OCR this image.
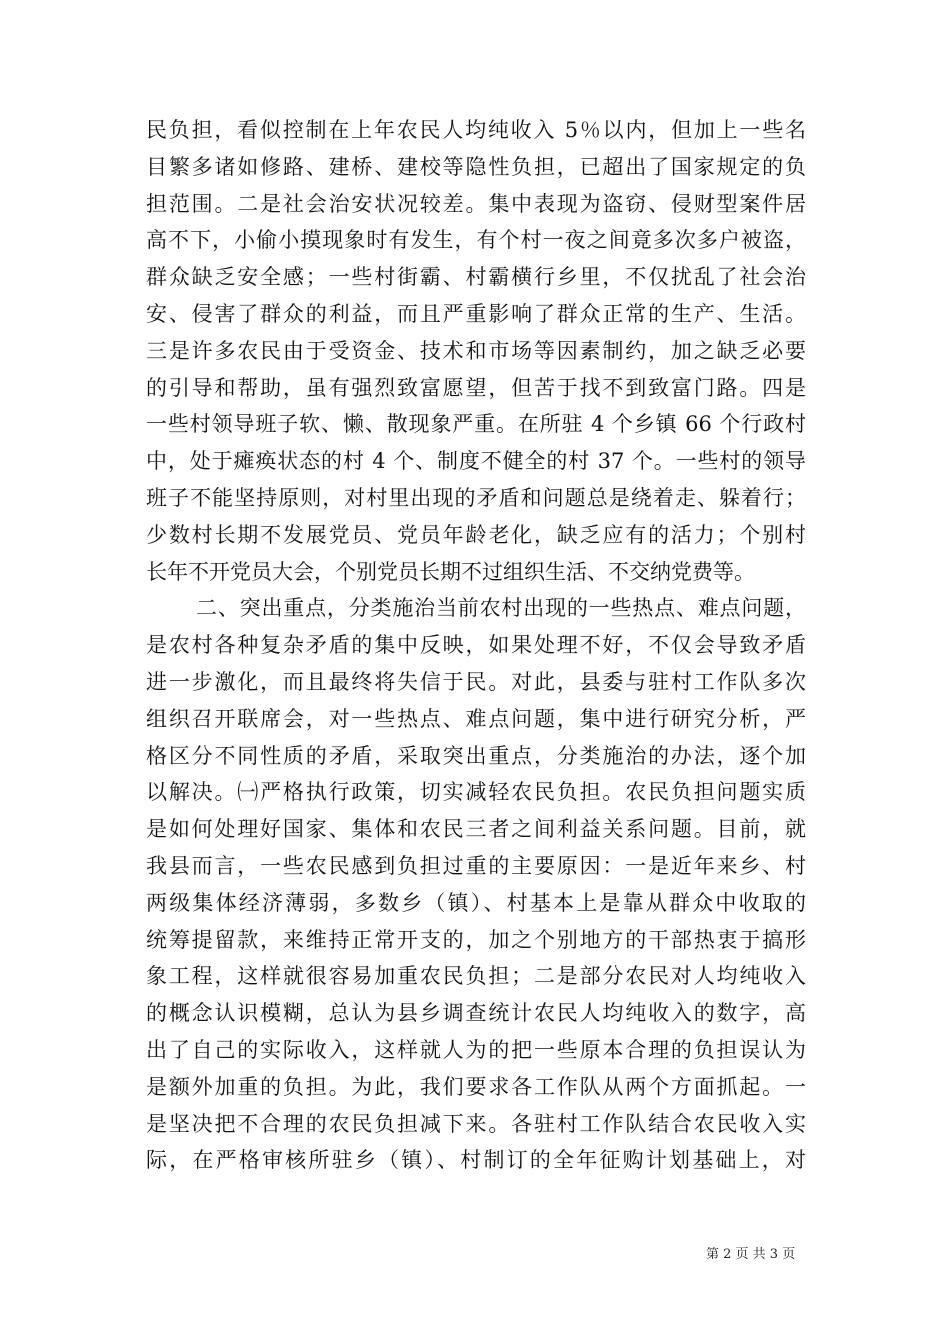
民负担，看似控制在上年农民人均纯收入 5％以内，但加上一些名
目繁多诸如修路、建桥、建校等隐性负担，已超出了国家规定的负
担范围。二是社会治安状况较差。集中表现为盗窃、侵财型案件居
高不下，小偷小摸现象时有发生，有个村一夜之间竟多次多户被盗，
群众缺乏安全感；一些村街霸、村霸横行乡里，不仅扰乱了社会治
安、侵害了群众的利益，而且严重影响了群众正常的生产、生活。
三是许多农民由于受资金、技术和市场等因素制约，加之缺乏必要
的引导和帮助，虽有强烈致富愿望，但苦于找不到致富门路。四是
一些村领导班子软、懒、散现象严重。在所驻 4 个乡镇 66 个行政村
中，处于瘫痪状态的村 4 个、制度不健全的村 37 个。一些村的领导
班子不能坚持原则，对村里出现的矛盾和问题总是绕着走、躲着行；
少数村长期不发展党员、党员年龄老化，缺乏应有的活力；个别村
长年不开党员大会，个别党员长期不过组织生活、不交纳党费等。
二、突出重点，分类施治当前农村出现的一些热点、难点问题，
是农村各种复杂矛盾的集中反映，如果处理不好，不仅会导致矛盾
进一步激化，而且最终将失信于民。对此，县委与驻村工作队多次
组织召开联席会，对一些热点、难点问题，集中进行研究分析，严
格区分不同性质的矛盾，采取突出重点，分类施治的办法，逐个加
以解决。㈠严格执行政策，切实减轻农民负担。农民负担问题实质
是如何处理好国家、集体和农民三者之间利益关系问题。目前，就
我县而言，一些农民感到负担过重的主要原因：一是近年来乡、村
两级集体经济薄弱，多数乡（镇）、村基本上是靠从群众中收取的
统筹提留款，来维持正常开支的，加之个别地方的干部热衷于搞形
象工程，这样就很容易加重农民负担；二是部分农民对人均纯收入
的概念认识模糊，总认为县乡调查统计农民人均纯收入的数字，高
出了自己的实际收入，这样就人为的把一些原本合理的负担误认为
是额外加重的负担。为此，我们要求各工作队从两个方面抓起。一
是坚决把不合理的农民负担减下来。各驻村工作队结合农民收入实
际，在严格审核所驻乡（镇）、村制订的全年征购计划基础上，对
第 2 页 共 3 页
